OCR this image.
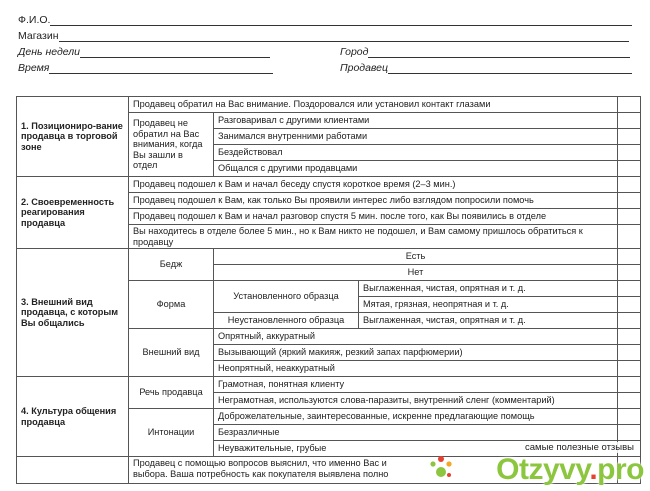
Ф.И.О.
Магазин
День недели	Город
Время	Продавец
1. Позициониро-вание продавца в торговой зоне	Продавец обратил на Вас внимание. Поздоровался или установил контакт глазами			
	Продавец не обратил на Вас внимания, когда Вы зашли в отдел	Разговаривал с другими клиентами		
		Занимался внутренними работами		
		Бездействовал		
		Общался с другими продавцами		
2. Своевременность реагирования продавца	Продавец подошел к Вам и начал беседу спустя короткое время (2–3 мин.)			
	Продавец подошел к Вам, как только Вы проявили интерес либо взглядом попросили помочь			
	Продавец подошел к Вам и начал разговор спустя 5 мин. после того, как Вы появились в отделе			
	Вы находитесь в отделе более 5 мин., но к Вам никто не подошел, и Вам самому пришлось обратиться к продавцу			
3. Внешний вид продавца, с которым Вы общались	Бедж	Есть		
		Нет		
	Форма	Установленного образца	Выглаженная, чистая, опрятная и т. д.	
			Мятая, грязная, неопрятная и т. д.	
		Неустановленного образца	Выглаженная, чистая, опрятная и т. д.	
	Внешний вид	Опрятный, аккуратный		
		Вызывающий (яркий макияж, резкий запах парфюмерии)		
		Неопрятный, неаккуратный		
4. Культура общения продавца	Речь продавца	Грамотная, понятная клиенту		
		Неграмотная, используются слова-паразиты, внутренний сленг (комментарий)		
	Интонации	Доброжелательные, заинтересованные, искренне предлагающие помощь		
		Безразличные		
		Неуважительные, грубые		

	Продавец с помощью вопросов выяснил, что именно Вас и
выбора. Ваша потребность как покупателя выявлена полно			

самые полезные отзывы
Otzyvy.pro
